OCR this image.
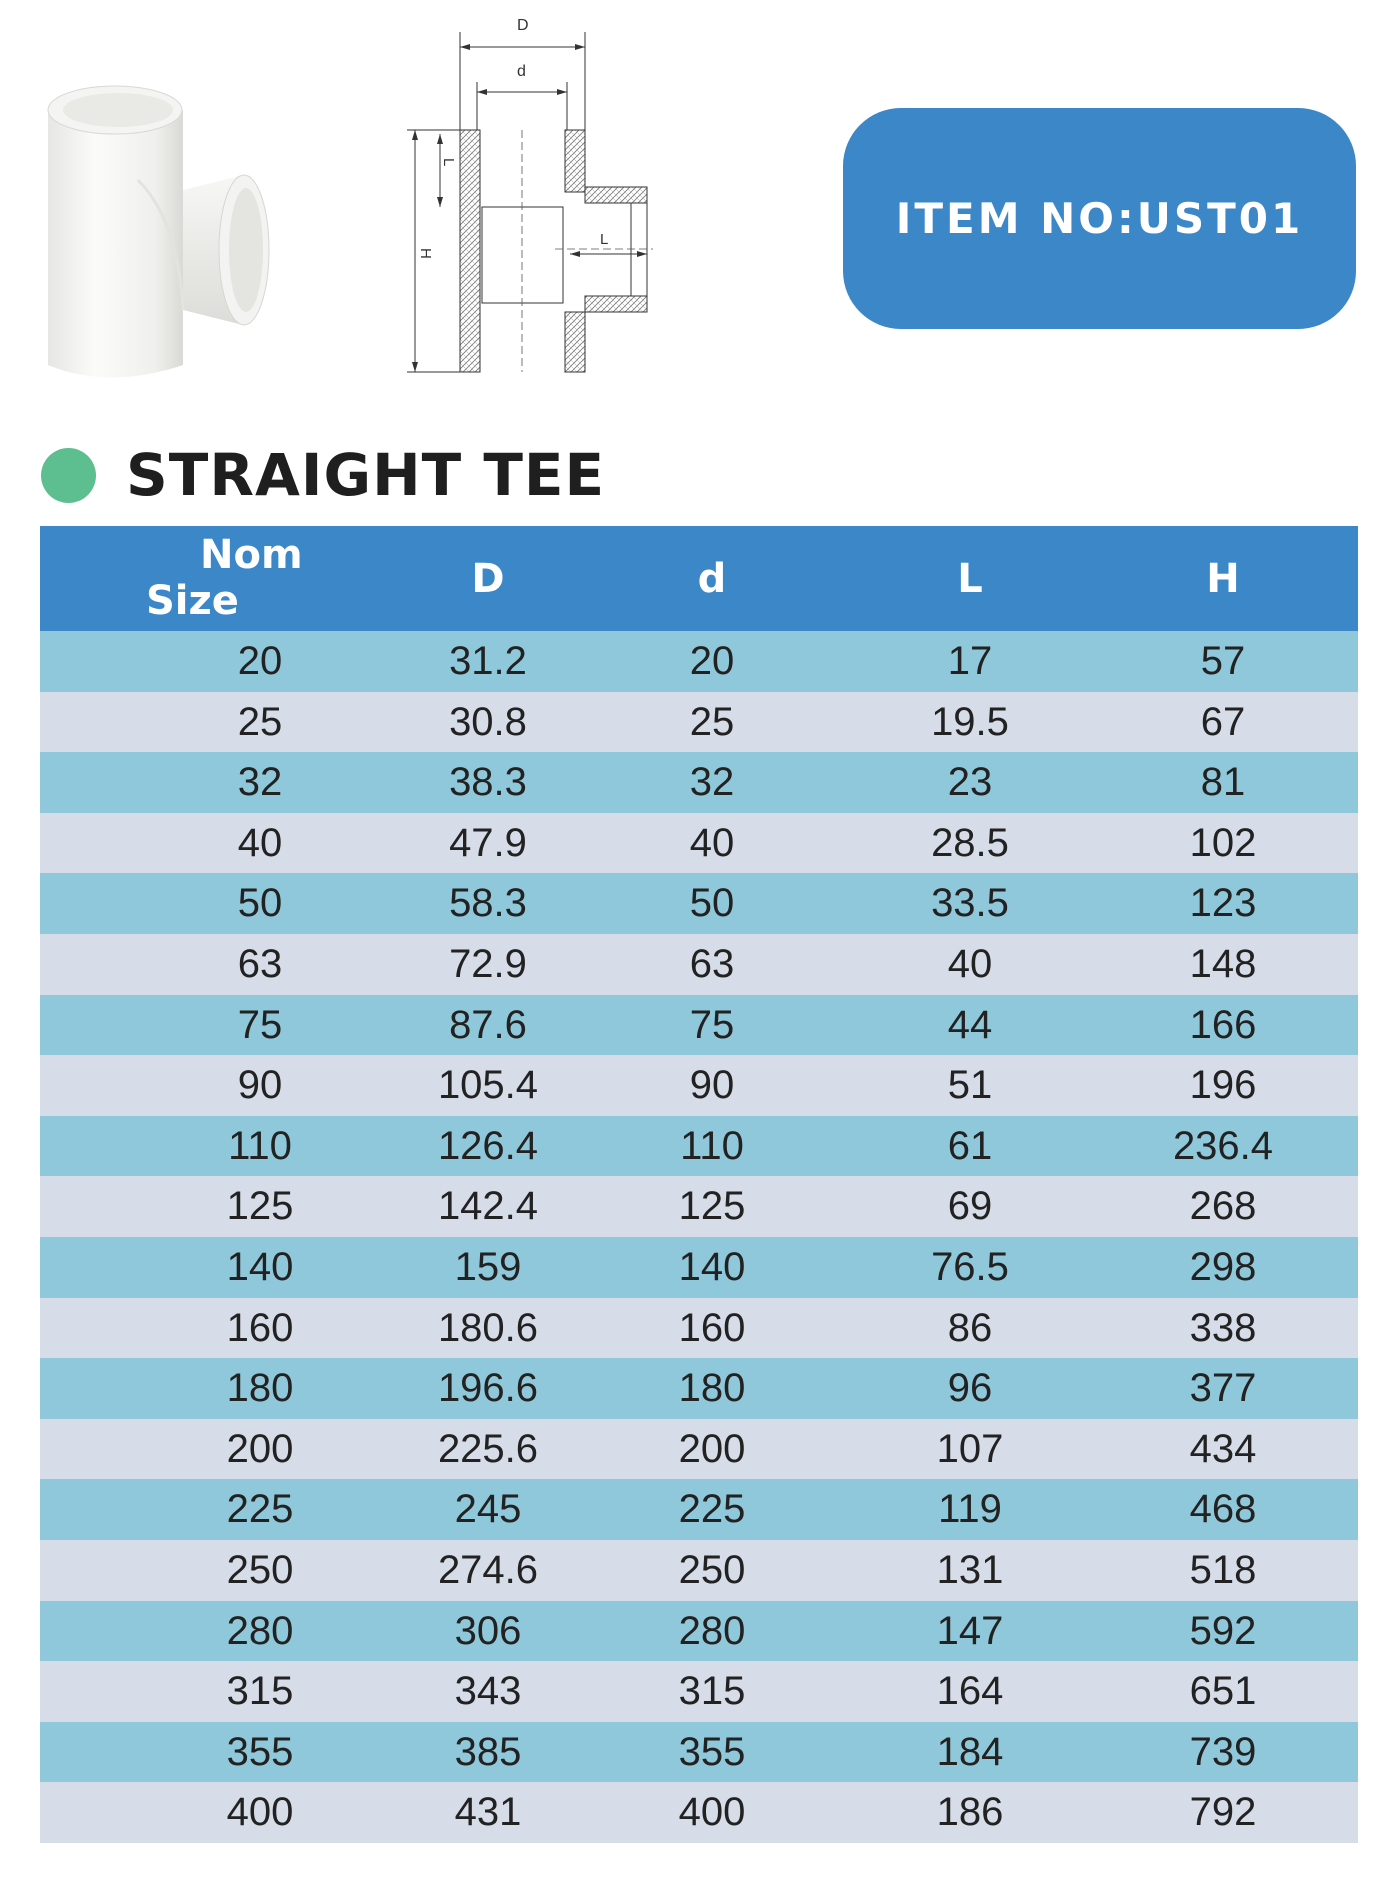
D
d
L
H
L	ITEM NO:UST01
STRAIGHT TEE
Nom
Size	D	d	L	H
20	31.2	20	17	57
25	30.8	25	19.5	67
32	38.3	32	23	81
40	47.9	40	28.5	102
50	58.3	50	33.5	123
63	72.9	63	40	148
75	87.6	75	44	166
90	105.4	90	51	196
110	126.4	110	61	236.4
125	142.4	125	69	268
140	159	140	76.5	298
160	180.6	160	86	338
180	196.6	180	96	377
200	225.6	200	107	434
225	245	225	119	468
250	274.6	250	131	518
280	306	280	147	592
315	343	315	164	651
355	385	355	184	739
400	431	400	186	792
